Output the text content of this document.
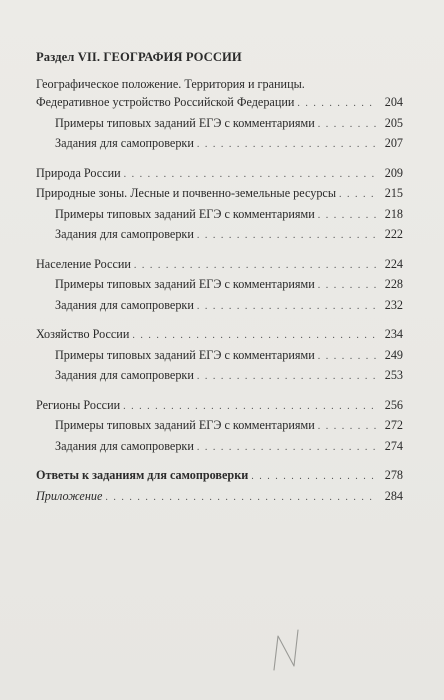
Раздел VII. ГЕОГРАФИЯ РОССИИ
Географическое положение. Территория и границы.
Федеративное устройство Российской Федерации . . .	204
Примеры типовых заданий ЕГЭ с комментариями . . .	205
Задания для самопроверки . . .	207
Природа России . . .	209
Природные зоны. Лесные и почвенно-земельные ресурсы . . .	215
Примеры типовых заданий ЕГЭ с комментариями . . .	218
Задания для самопроверки . . .	222
Население России . . .	224
Примеры типовых заданий ЕГЭ с комментариями . . .	228
Задания для самопроверки . . .	232
Хозяйство России . . .	234
Примеры типовых заданий ЕГЭ с комментариями . . .	249
Задания для самопроверки . . .	253
Регионы России . . .	256
Примеры типовых заданий ЕГЭ с комментариями . . .	272
Задания для самопроверки . . .	274
Ответы к заданиям для самопроверки . . .	278
Приложение . . .	284
